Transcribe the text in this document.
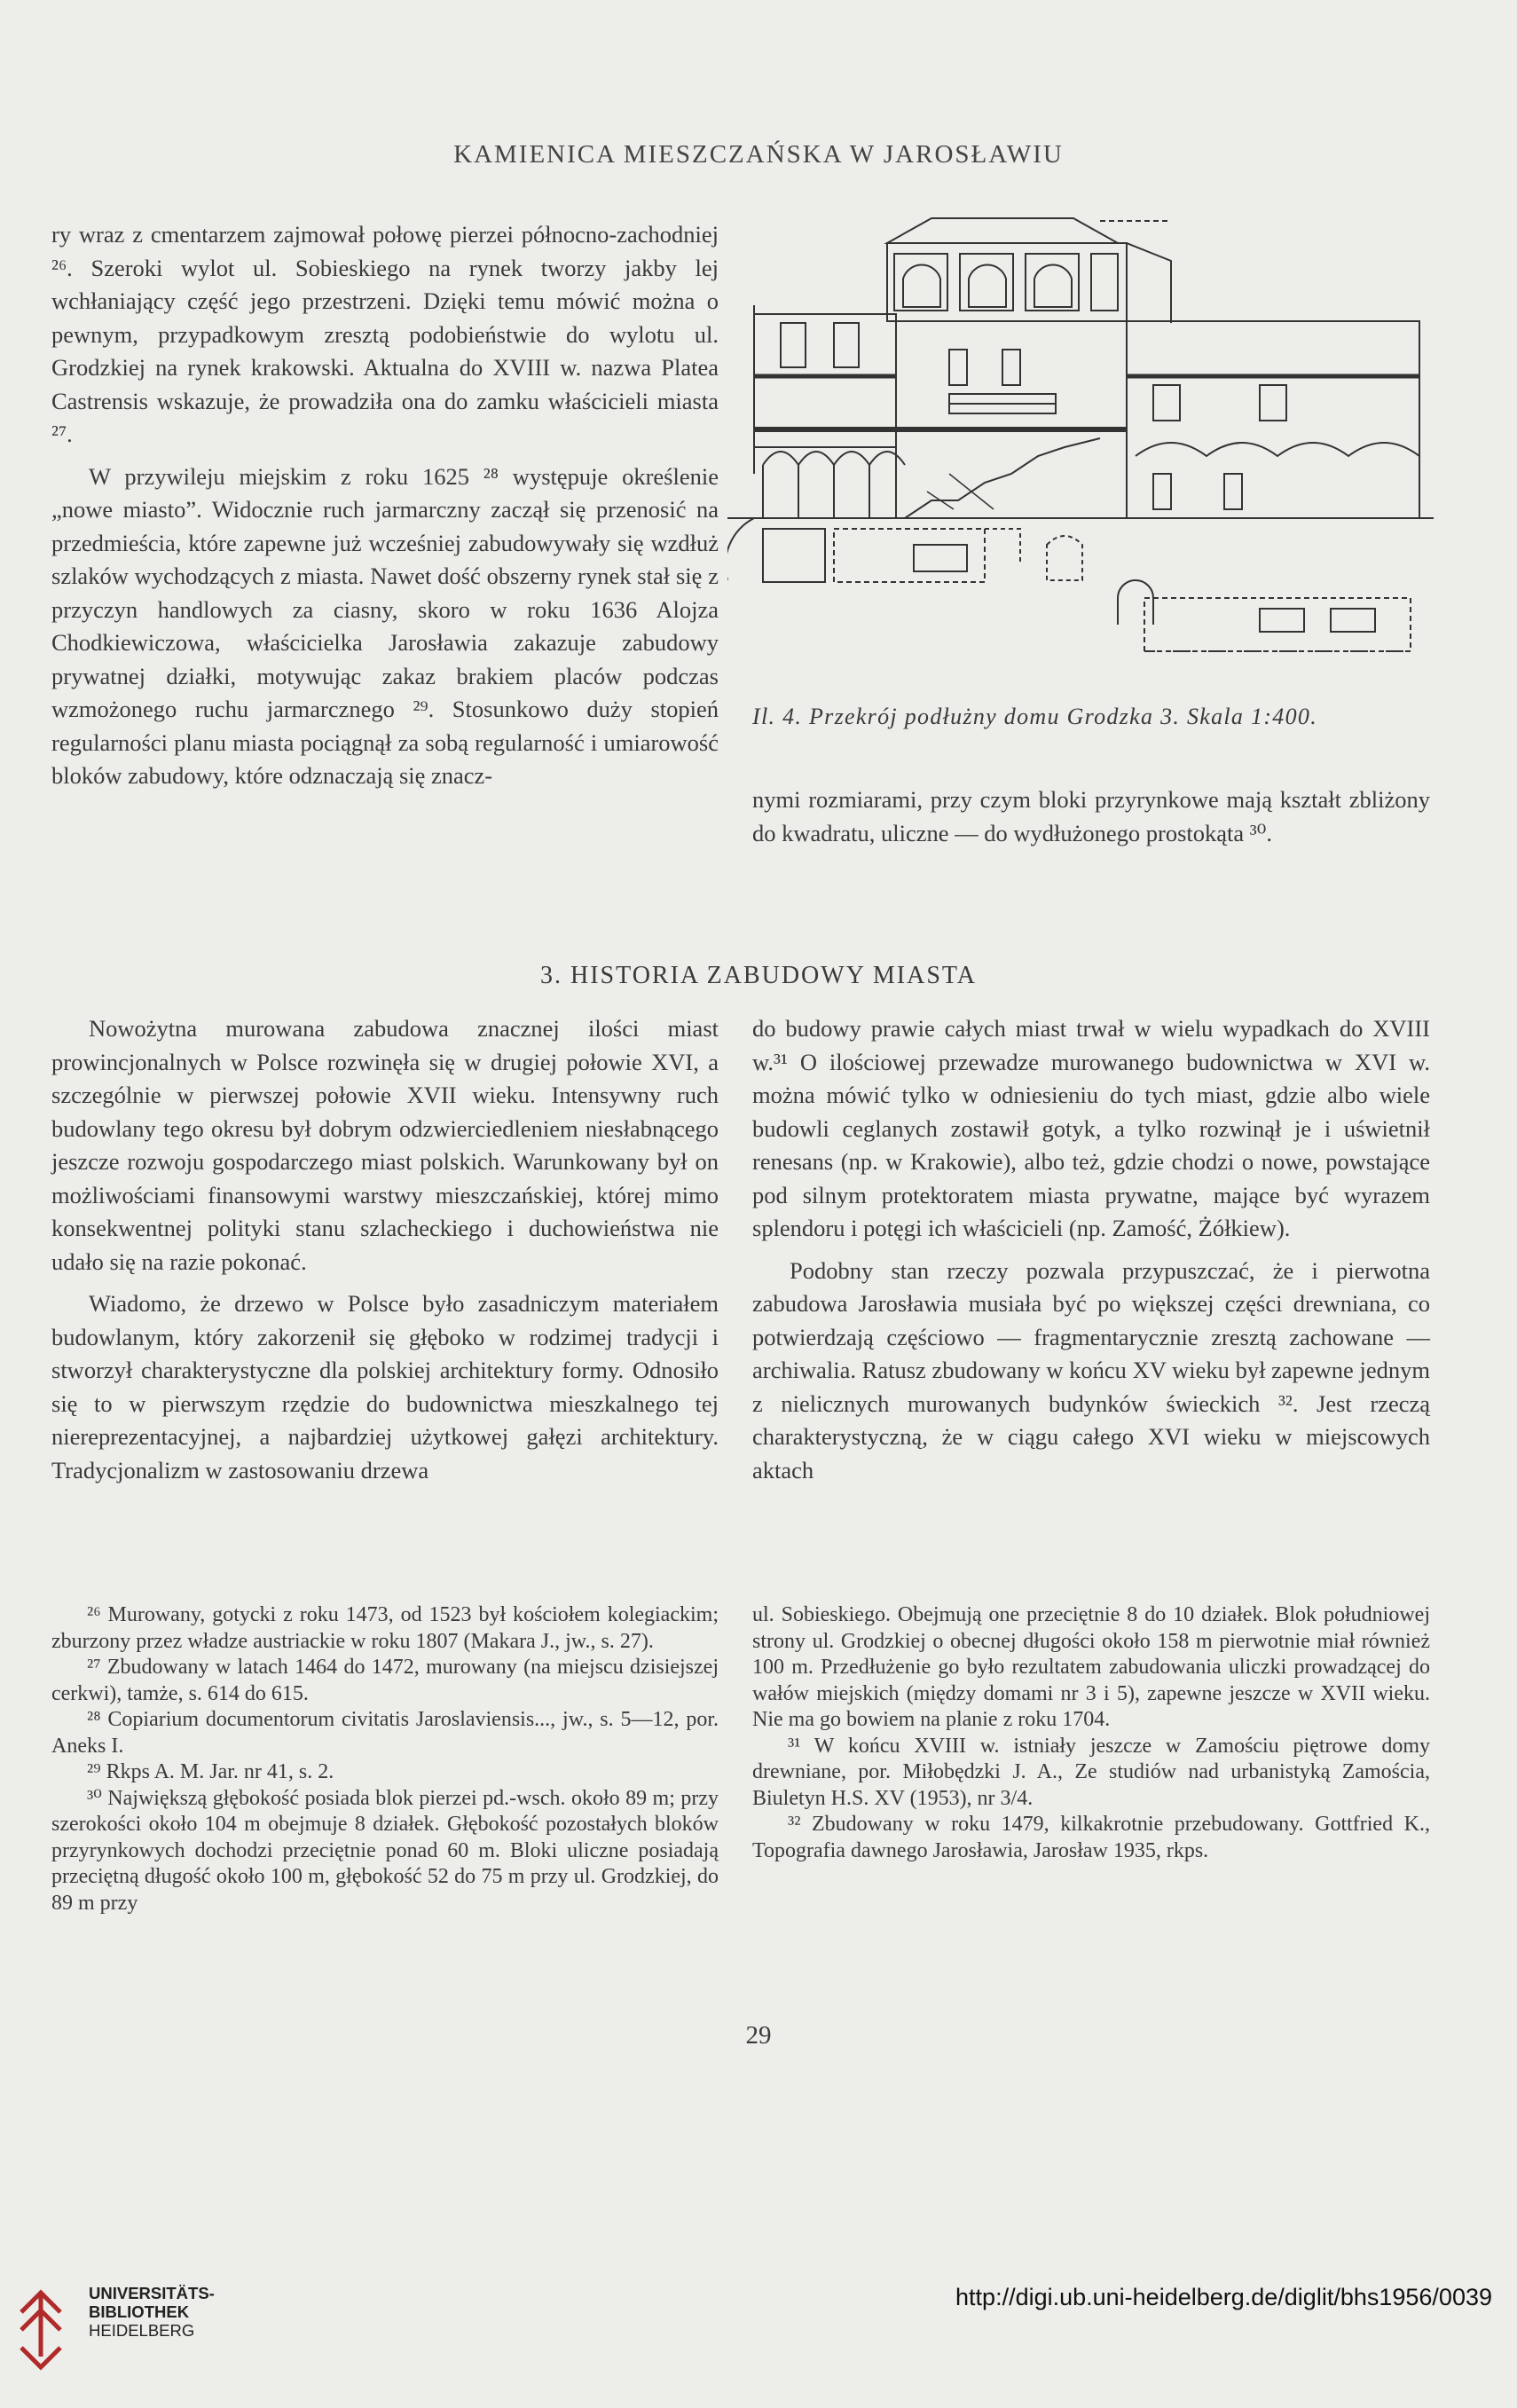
KAMIENICA MIESZCZAŃSKA W JAROSŁAWIU

ry wraz z cmentarzem zajmował połowę pierzei północno-zachodniej ²⁶. Szeroki wylot ul. Sobieskiego na rynek tworzy jakby lej wchłaniający część jego przestrzeni. Dzięki temu mówić można o pewnym, przypadkowym zresztą podobieństwie do wylotu ul. Grodzkiej na rynek krakowski. Aktualna do XVIII w. nazwa Platea Castrensis wskazuje, że prowadziła ona do zamku właścicieli miasta ²⁷.

W przywileju miejskim z roku 1625 ²⁸ występuje określenie „nowe miasto”. Widocznie ruch jarmarczny zaczął się przenosić na przedmieścia, które zapewne już wcześniej zabudowywały się wzdłuż szlaków wychodzących z miasta. Nawet dość obszerny rynek stał się z przyczyn handlowych za ciasny, skoro w roku 1636 Alojza Chodkiewiczowa, właścicielka Jarosławia zakazuje zabudowy prywatnej działki, motywując zakaz brakiem placów podczas wzmożonego ruchu jarmarcznego ²⁹. Stosunkowo duży stopień regularności planu miasta pociągnął za sobą regularność i umiarowość bloków zabudowy, które odznaczają się znacz-

Il. 4. Przekrój podłużny domu Grodzka 3. Skala 1:400.

nymi rozmiarami, przy czym bloki przyrynkowe mają kształt zbliżony do kwadratu, uliczne — do wydłużonego prostokąta ³⁰.

3. HISTORIA ZABUDOWY MIASTA

Nowożytna murowana zabudowa znacznej ilości miast prowincjonalnych w Polsce rozwinęła się w drugiej połowie XVI, a szczególnie w pierwszej połowie XVII wieku. Intensywny ruch budowlany tego okresu był dobrym odzwierciedleniem niesłabnącego jeszcze rozwoju gospodarczego miast polskich. Warunkowany był on możliwościami finansowymi warstwy mieszczańskiej, której mimo konsekwentnej polityki stanu szlacheckiego i duchowieństwa nie udało się na razie pokonać.

Wiadomo, że drzewo w Polsce było zasadniczym materiałem budowlanym, który zakorzenił się głęboko w rodzimej tradycji i stworzył charakterystyczne dla polskiej architektury formy. Odnosiło się to w pierwszym rzędzie do budownictwa mieszkalnego tej niereprezentacyjnej, a najbardziej użytkowej gałęzi architektury. Tradycjonalizm w zastosowaniu drzewa

do budowy prawie całych miast trwał w wielu wypadkach do XVIII w.³¹ O ilościowej przewadze murowanego budownictwa w XVI w. można mówić tylko w odniesieniu do tych miast, gdzie albo wiele budowli ceglanych zostawił gotyk, a tylko rozwinął je i uświetnił renesans (np. w Krakowie), albo też, gdzie chodzi o nowe, powstające pod silnym protektoratem miasta prywatne, mające być wyrazem splendoru i potęgi ich właścicieli (np. Zamość, Żółkiew).

Podobny stan rzeczy pozwala przypuszczać, że i pierwotna zabudowa Jarosławia musiała być po większej części drewniana, co potwierdzają częściowo — fragmentarycznie zresztą zachowane — archiwalia. Ratusz zbudowany w końcu XV wieku był zapewne jednym z nielicznych murowanych budynków świeckich ³². Jest rzeczą charakterystyczną, że w ciągu całego XVI wieku w miejscowych aktach

²⁶ Murowany, gotycki z roku 1473, od 1523 był kościołem kolegiackim; zburzony przez władze austriackie w roku 1807 (Makara J., jw., s. 27).

²⁷ Zbudowany w latach 1464 do 1472, murowany (na miejscu dzisiejszej cerkwi), tamże, s. 614 do 615.

²⁸ Copiarium documentorum civitatis Jaroslaviensis..., jw., s. 5—12, por. Aneks I.

²⁹ Rkps A. M. Jar. nr 41, s. 2.

³⁰ Największą głębokość posiada blok pierzei pd.-wsch. około 89 m; przy szerokości około 104 m obejmuje 8 działek. Głębokość pozostałych bloków przyrynkowych dochodzi przeciętnie ponad 60 m. Bloki uliczne posiadają przeciętną długość około 100 m, głębokość 52 do 75 m przy ul. Grodzkiej, do 89 m przy

ul. Sobieskiego. Obejmują one przeciętnie 8 do 10 działek. Blok południowej strony ul. Grodzkiej o obecnej długości około 158 m pierwotnie miał również 100 m. Przedłużenie go było rezultatem zabudowania uliczki prowadzącej do wałów miejskich (między domami nr 3 i 5), zapewne jeszcze w XVII wieku. Nie ma go bowiem na planie z roku 1704.

³¹ W końcu XVIII w. istniały jeszcze w Zamościu piętrowe domy drewniane, por. Miłobędzki J. A., Ze studiów nad urbanistyką Zamościa, Biuletyn H.S. XV (1953), nr 3/4.

³² Zbudowany w roku 1479, kilkakrotnie przebudowany. Gottfried K., Topografia dawnego Jarosławia, Jarosław 1935, rkps.

29
UNIVERSITÄTS-
BIBLIOTHEK
HEIDELBERG
http://digi.ub.uni-heidelberg.de/diglit/bhs1956/0039
